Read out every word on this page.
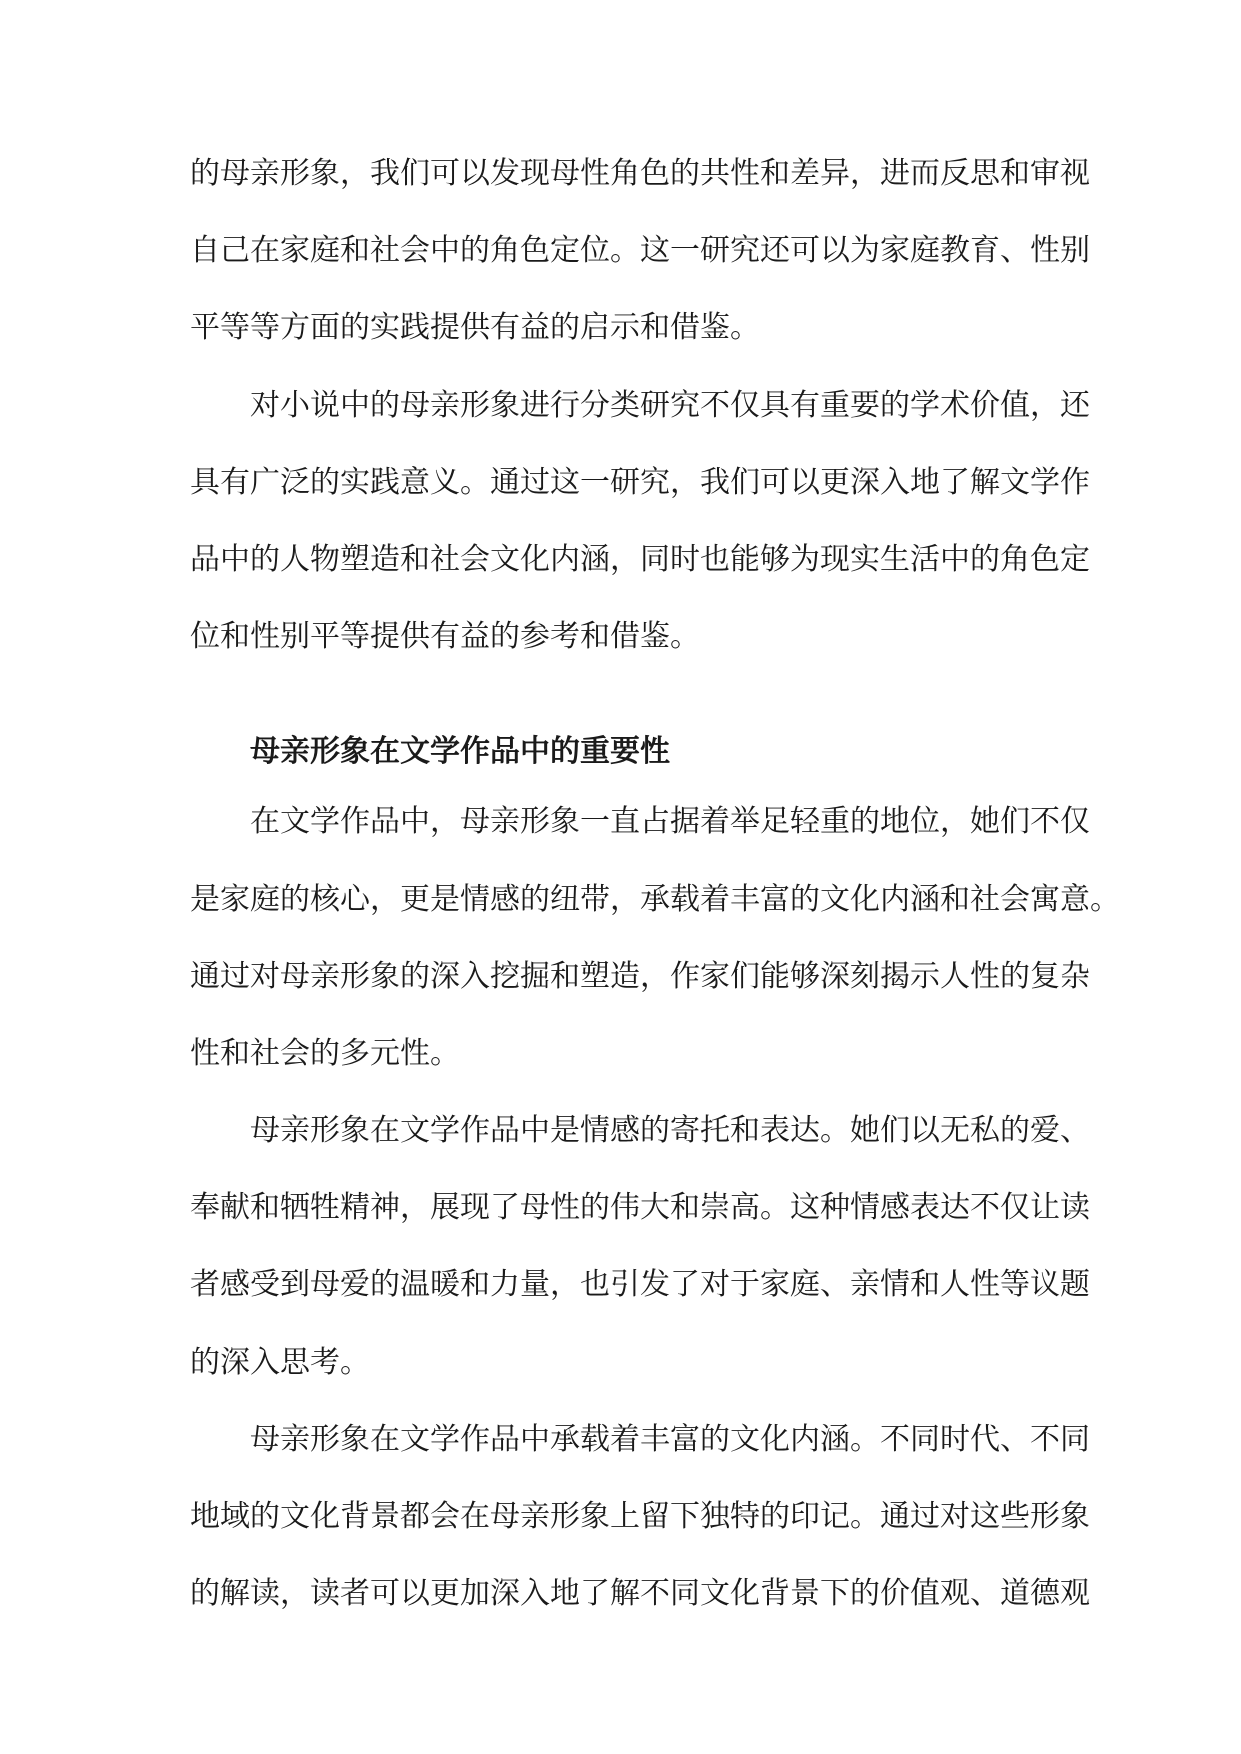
的母亲形象，我们可以发现母性角色的共性和差异，进而反思和审视
自己在家庭和社会中的角色定位。这一研究还可以为家庭教育、性别
平等等方面的实践提供有益的启示和借鉴。
对小说中的母亲形象进行分类研究不仅具有重要的学术价值，还
具有广泛的实践意义。通过这一研究，我们可以更深入地了解文学作
品中的人物塑造和社会文化内涵，同时也能够为现实生活中的角色定
位和性别平等提供有益的参考和借鉴。
母亲形象在文学作品中的重要性
在文学作品中，母亲形象一直占据着举足轻重的地位，她们不仅
是家庭的核心，更是情感的纽带，承载着丰富的文化内涵和社会寓意。
通过对母亲形象的深入挖掘和塑造，作家们能够深刻揭示人性的复杂
性和社会的多元性。
母亲形象在文学作品中是情感的寄托和表达。她们以无私的爱、
奉献和牺牲精神，展现了母性的伟大和崇高。这种情感表达不仅让读
者感受到母爱的温暖和力量，也引发了对于家庭、亲情和人性等议题
的深入思考。
母亲形象在文学作品中承载着丰富的文化内涵。不同时代、不同
地域的文化背景都会在母亲形象上留下独特的印记。通过对这些形象
的解读，读者可以更加深入地了解不同文化背景下的价值观、道德观
